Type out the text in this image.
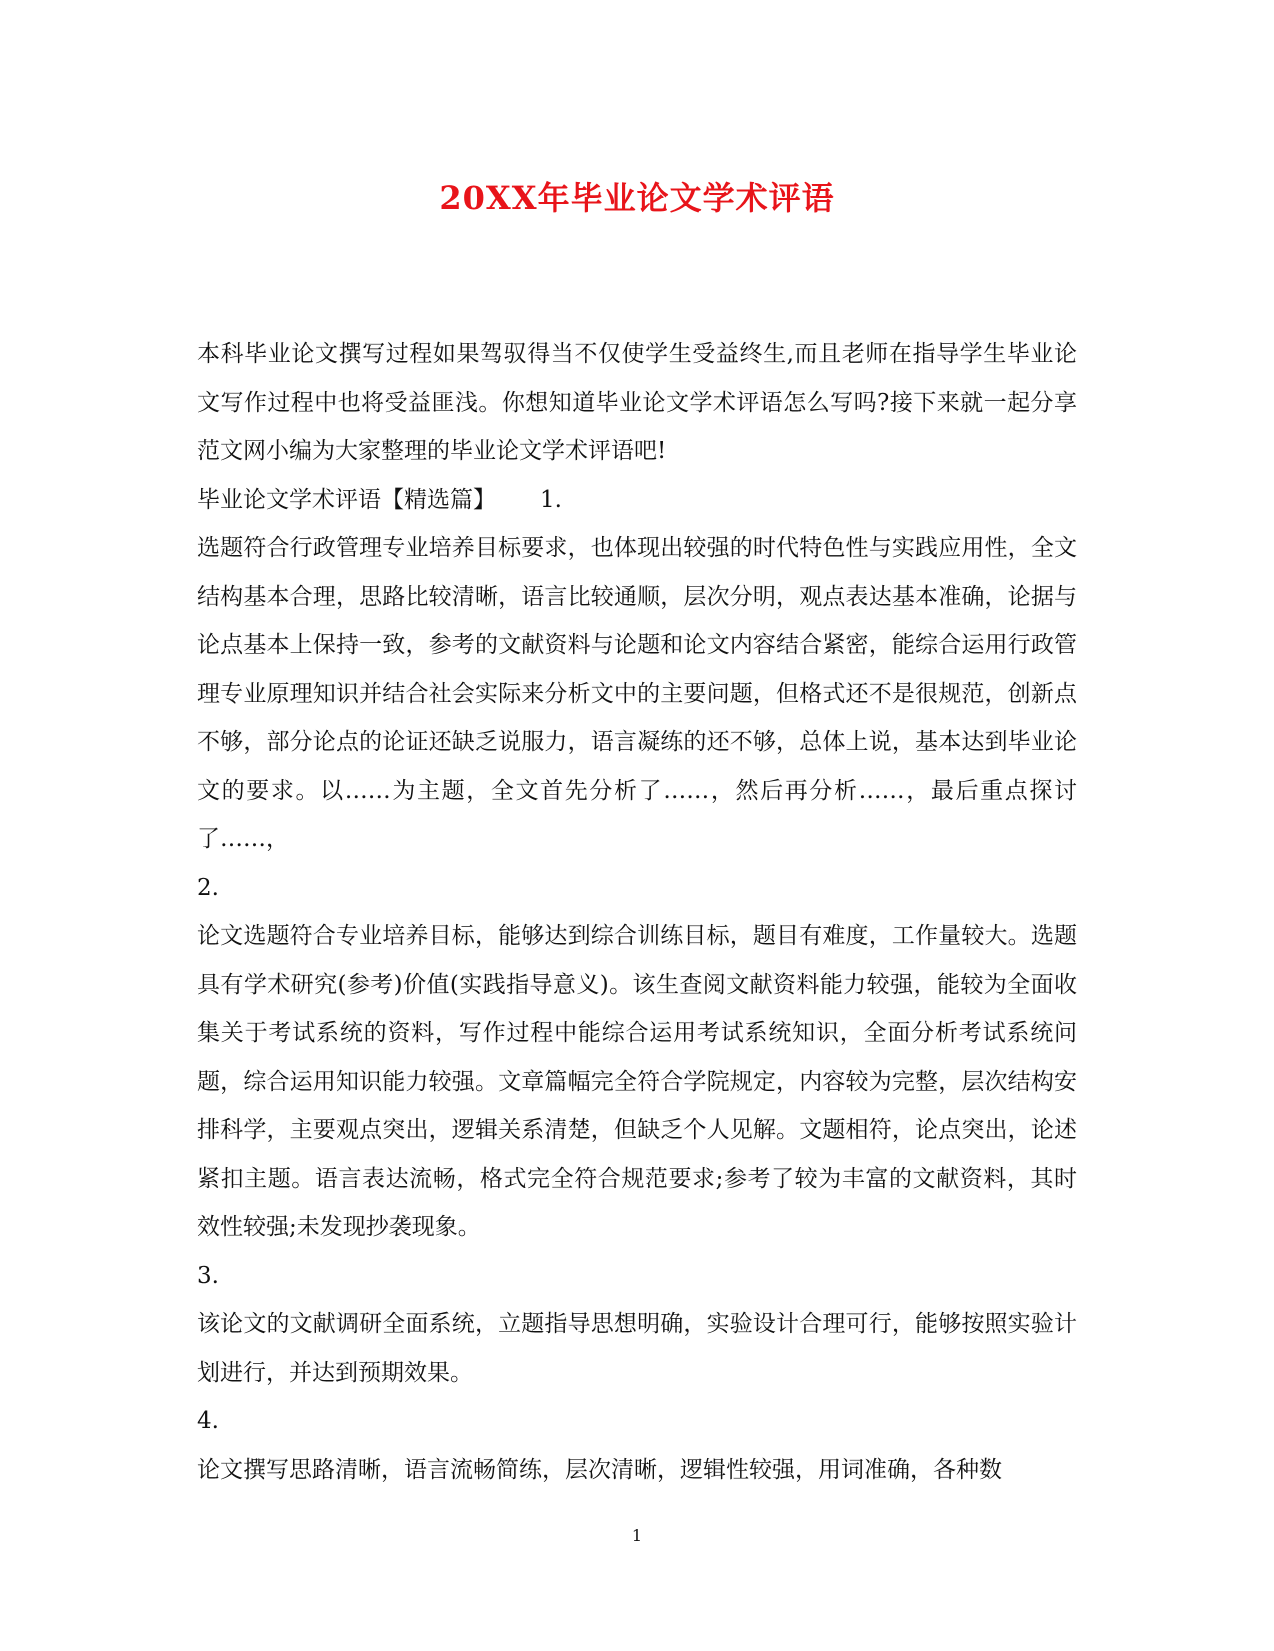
20XX年毕业论文学术评语

本科毕业论文撰写过程如果驾驭得当不仅使学生受益终生,而且老师在指导学生毕业论文写作过程中也将受益匪浅。你想知道毕业论文学术评语怎么写吗?接下来就一起分享范文网小编为大家整理的毕业论文学术评语吧!

毕业论文学术评语【精选篇】 1.

选题符合行政管理专业培养目标要求，也体现出较强的时代特色性与实践应用性，全文结构基本合理，思路比较清晰，语言比较通顺，层次分明，观点表达基本准确，论据与论点基本上保持一致，参考的文献资料与论题和论文内容结合紧密，能综合运用行政管理专业原理知识并结合社会实际来分析文中的主要问题，但格式还不是很规范，创新点不够，部分论点的论证还缺乏说服力，语言凝练的还不够，总体上说，基本达到毕业论文的要求。以……为主题，全文首先分析了……，然后再分析……，最后重点探讨了……，

2.

论文选题符合专业培养目标，能够达到综合训练目标，题目有难度，工作量较大。选题具有学术研究(参考)价值(实践指导意义)。该生查阅文献资料能力较强，能较为全面收集关于考试系统的资料，写作过程中能综合运用考试系统知识，全面分析考试系统问题，综合运用知识能力较强。文章篇幅完全符合学院规定，内容较为完整，层次结构安排科学，主要观点突出，逻辑关系清楚，但缺乏个人见解。文题相符，论点突出，论述紧扣主题。语言表达流畅，格式完全符合规范要求;参考了较为丰富的文献资料，其时效性较强;未发现抄袭现象。

3.

该论文的文献调研全面系统，立题指导思想明确，实验设计合理可行，能够按照实验计划进行，并达到预期效果。

4.

论文撰写思路清晰，语言流畅简练，层次清晰，逻辑性较强，用词准确，各种数

1
